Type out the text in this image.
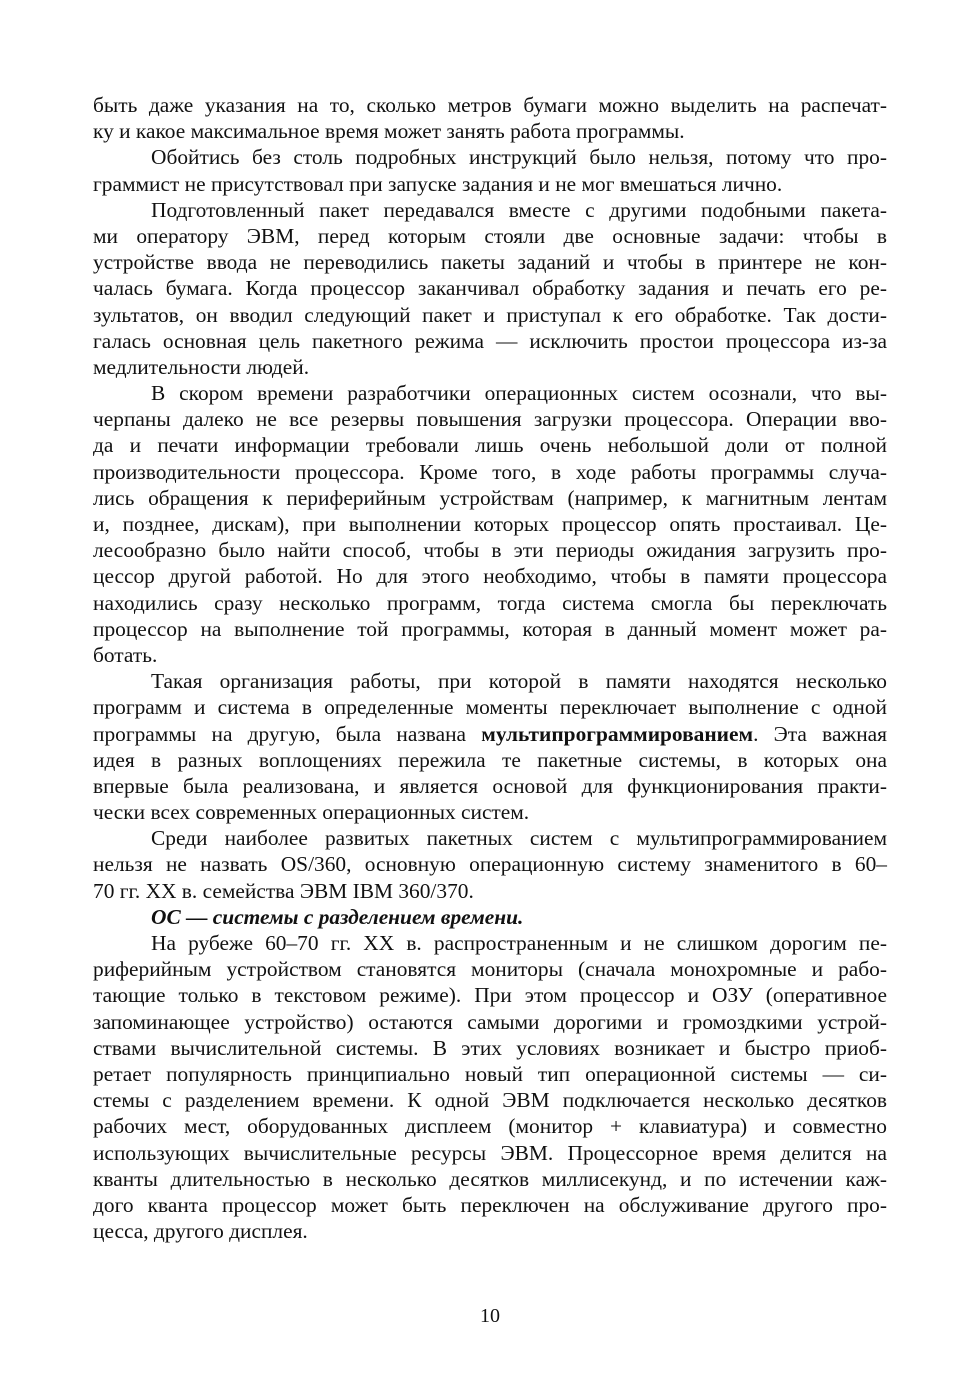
быть даже указания на то, сколько метров бумаги можно выделить на распечат-
ку и какое максимальное время может занять работа программы.

Обойтись без столь подробных инструкций было нельзя, потому что про-
граммист не присутствовал при запуске задания и не мог вмешаться лично.

Подготовленный пакет передавался вместе с другими подобными пакета-
ми оператору ЭВМ, перед которым стояли две основные задачи: чтобы в
устройстве ввода не переводились пакеты заданий и чтобы в принтере не кон-
чалась бумага. Когда процессор заканчивал обработку задания и печать его ре-
зультатов, он вводил следующий пакет и приступал к его обработке. Так дости-
галась основная цель пакетного режима — исключить простои процессора из-за
медлительности людей.

В скором времени разработчики операционных систем осознали, что вы-
черпаны далеко не все резервы повышения загрузки процессора. Операции вво-
да и печати информации требовали лишь очень небольшой доли от полной
производительности процессора. Кроме того, в ходе работы программы случа-
лись обращения к периферийным устройствам (например, к магнитным лентам
и, позднее, дискам), при выполнении которых процессор опять простаивал. Це-
лесообразно было найти способ, чтобы в эти периоды ожидания загрузить про-
цессор другой работой. Но для этого необходимо, чтобы в памяти процессора
находились сразу несколько программ, тогда система смогла бы переключать
процессор на выполнение той программы, которая в данный момент может ра-
ботать.

Такая организация работы, при которой в памяти находятся несколько
программ и система в определенные моменты переключает выполнение с одной
программы на другую, была названа мультипрограммированием. Эта важная
идея в разных воплощениях пережила те пакетные системы, в которых она
впервые была реализована, и является основой для функционирования практи-
чески всех современных операционных систем.

Среди наиболее развитых пакетных систем с мультипрограммированием
нельзя не назвать OS/360, основную операционную систему знаменитого в 60–
70 гг. XX в. семейства ЭВМ IBM 360/370.

ОС — системы с разделением времени.

На рубеже 60–70 гг. XX в. распространенным и не слишком дорогим пе-
риферийным устройством становятся мониторы (сначала монохромные и рабо-
тающие только в текстовом режиме). При этом процессор и ОЗУ (оперативное
запоминающее устройство) остаются самыми дорогими и громоздкими устрой-
ствами вычислительной системы. В этих условиях возникает и быстро приоб-
ретает популярность принципиально новый тип операционной системы — си-
стемы с разделением времени. К одной ЭВМ подключается несколько десятков
рабочих мест, оборудованных дисплеем (монитор + клавиатура) и совместно
использующих вычислительные ресурсы ЭВМ. Процессорное время делится на
кванты длительностью в несколько десятков миллисекунд, и по истечении каж-
дого кванта процессор может быть переключен на обслуживание другого про-
цесса, другого дисплея.

10
